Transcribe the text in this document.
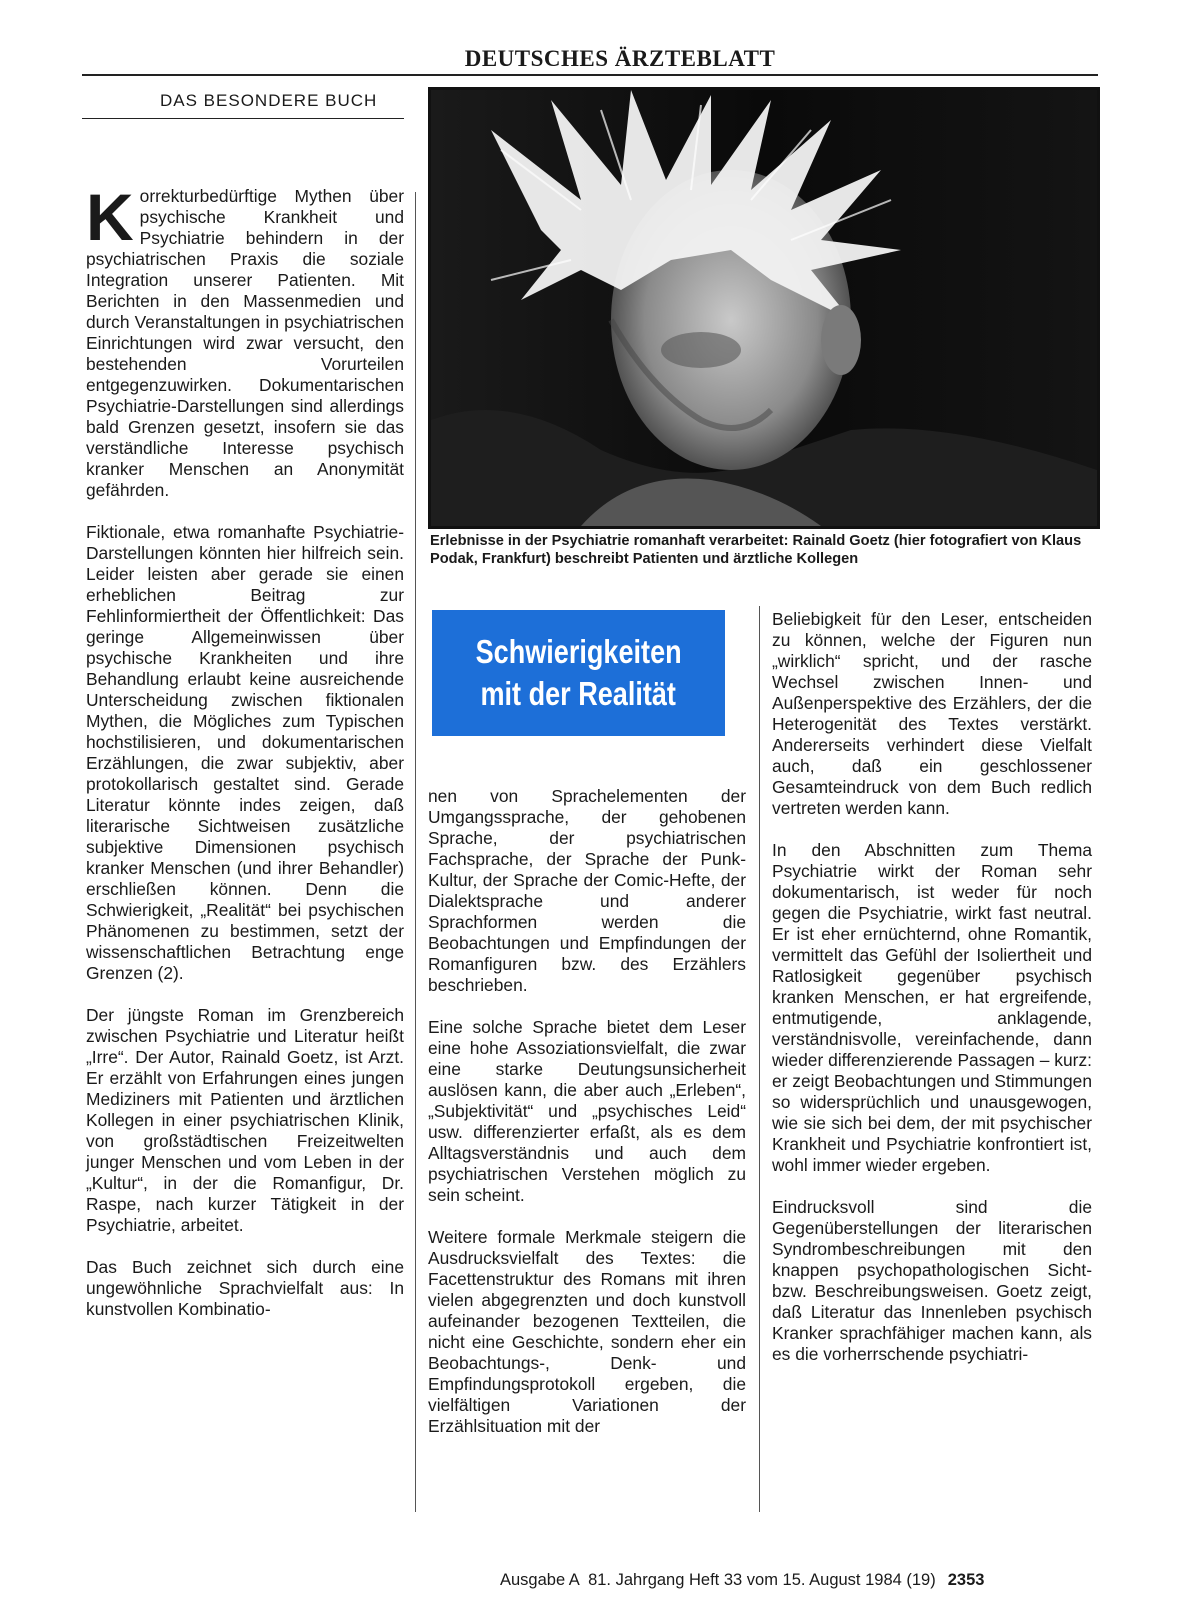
DEUTSCHES ÄRZTEBLATT
DAS BESONDERE BUCH
Erlebnisse in der Psychiatrie romanhaft verarbeitet: Rainald Goetz (hier fotografiert von Klaus Podak, Frankfurt) beschreibt Patienten und ärztliche Kollegen
Schwierigkeiten
mit der Realität

Korrekturbedürftige Mythen über psychische Krankheit und Psychiatrie behindern in der psychiatrischen Praxis die soziale Integration unserer Patienten. Mit Berichten in den Massenmedien und durch Veranstaltungen in psychiatrischen Einrichtungen wird zwar versucht, den bestehenden Vorurteilen entgegenzuwirken. Dokumentarischen Psychiatrie-Darstellungen sind allerdings bald Grenzen gesetzt, insofern sie das verständliche Interesse psychisch kranker Menschen an Anonymität gefährden.

Fiktionale, etwa romanhafte Psychiatrie-Darstellungen könnten hier hilfreich sein. Leider leisten aber gerade sie einen erheblichen Beitrag zur Fehlinformiertheit der Öffentlichkeit: Das geringe Allgemeinwissen über psychische Krankheiten und ihre Behandlung erlaubt keine ausreichende Unterscheidung zwischen fiktionalen Mythen, die Mögliches zum Typischen hochstilisieren, und dokumentarischen Erzählungen, die zwar subjektiv, aber protokollarisch gestaltet sind. Gerade Literatur könnte indes zeigen, daß literarische Sichtweisen zusätzliche subjektive Dimensionen psychisch kranker Menschen (und ihrer Behandler) erschließen können. Denn die Schwierigkeit, „Realität“ bei psychischen Phänomenen zu bestimmen, setzt der wissenschaftlichen Betrachtung enge Grenzen (2).

Der jüngste Roman im Grenzbereich zwischen Psychiatrie und Literatur heißt „Irre“. Der Autor, Rainald Goetz, ist Arzt. Er erzählt von Erfahrungen eines jungen Mediziners mit Patienten und ärztlichen Kollegen in einer psychiatrischen Klinik, von großstädtischen Freizeitwelten junger Menschen und vom Leben in der „Kultur“, in der die Romanfigur, Dr. Raspe, nach kurzer Tätigkeit in der Psychiatrie, arbeitet.

Das Buch zeichnet sich durch eine ungewöhnliche Sprachvielfalt aus: In kunstvollen Kombinatio-

nen von Sprachelementen der Umgangssprache, der gehobenen Sprache, der psychiatrischen Fachsprache, der Sprache der Punk-Kultur, der Sprache der Comic-Hefte, der Dialektsprache und anderer Sprachformen werden die Beobachtungen und Empfindungen der Romanfiguren bzw. des Erzählers beschrieben.

Eine solche Sprache bietet dem Leser eine hohe Assoziationsvielfalt, die zwar eine starke Deutungsunsicherheit auslösen kann, die aber auch „Erleben“, „Subjektivität“ und „psychisches Leid“ usw. differenzierter erfaßt, als es dem Alltagsverständnis und auch dem psychiatrischen Verstehen möglich zu sein scheint.

Weitere formale Merkmale steigern die Ausdrucksvielfalt des Textes: die Facettenstruktur des Romans mit ihren vielen abgegrenzten und doch kunstvoll aufeinander bezogenen Textteilen, die nicht eine Geschichte, sondern eher ein Beobachtungs-, Denk- und Empfindungsprotokoll ergeben, die vielfältigen Variationen der Erzählsituation mit der

Beliebigkeit für den Leser, entscheiden zu können, welche der Figuren nun „wirklich“ spricht, und der rasche Wechsel zwischen Innen- und Außenperspektive des Erzählers, der die Heterogenität des Textes verstärkt. Andererseits verhindert diese Vielfalt auch, daß ein geschlossener Gesamteindruck von dem Buch redlich vertreten werden kann.

In den Abschnitten zum Thema Psychiatrie wirkt der Roman sehr dokumentarisch, ist weder für noch gegen die Psychiatrie, wirkt fast neutral. Er ist eher ernüchternd, ohne Romantik, vermittelt das Gefühl der Isoliertheit und Ratlosigkeit gegenüber psychisch kranken Menschen, er hat ergreifende, entmutigende, anklagende, verständnisvolle, vereinfachende, dann wieder differenzierende Passagen – kurz: er zeigt Beobachtungen und Stimmungen so widersprüchlich und unausgewogen, wie sie sich bei dem, der mit psychischer Krankheit und Psychiatrie konfrontiert ist, wohl immer wieder ergeben.

Eindrucksvoll sind die Gegenüberstellungen der literarischen Syndrombeschreibungen mit den knappen psychopathologischen Sicht- bzw. Beschreibungsweisen. Goetz zeigt, daß Literatur das Innenleben psychisch Kranker sprachfähiger machen kann, als es die vorherrschende psychiatri-

Ausgabe A  81. Jahrgang Heft 33 vom 15. August 1984 (19) 2353
